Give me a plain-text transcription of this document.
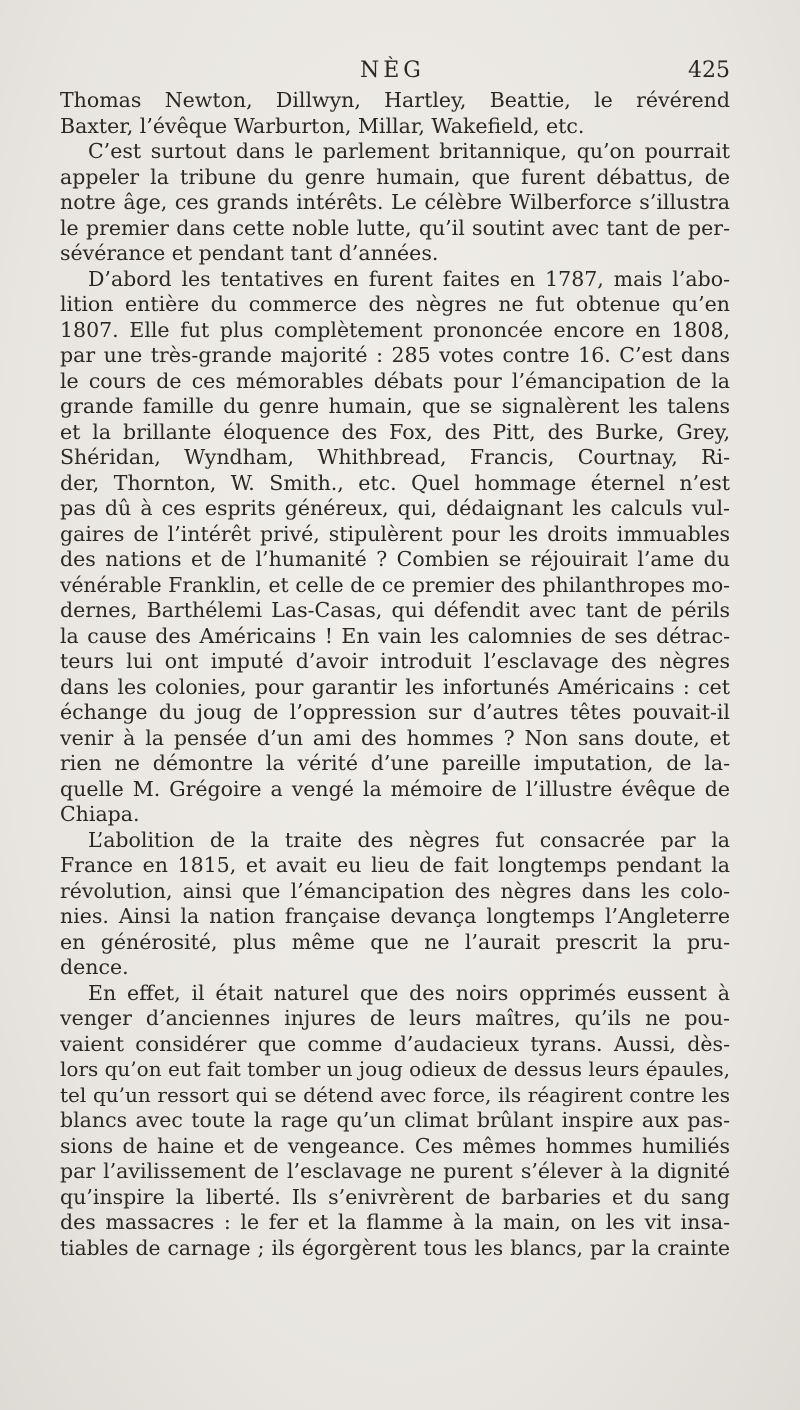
NÈG	425
Thomas Newton, Dillwyn, Hartley, Beattie, le révérend
Baxter, l’évêque Warburton, Millar, Wakefield, etc.
C’est surtout dans le parlement britannique, qu’on pourrait
appeler la tribune du genre humain, que furent débattus, de
notre âge, ces grands intérêts. Le célèbre Wilberforce s’illustra
le premier dans cette noble lutte, qu’il soutint avec tant de per-
sévérance et pendant tant d’années.
D’abord les tentatives en furent faites en 1787, mais l’abo-
lition entière du commerce des nègres ne fut obtenue qu’en
1807. Elle fut plus complètement prononcée encore en 1808,
par une très-grande majorité : 285 votes contre 16. C’est dans
le cours de ces mémorables débats pour l’émancipation de la
grande famille du genre humain, que se signalèrent les talens
et la brillante éloquence des Fox, des Pitt, des Burke, Grey,
Shéridan, Wyndham, Whithbread, Francis, Courtnay, Ri-
der, Thornton, W. Smith., etc. Quel hommage éternel n’est
pas dû à ces esprits généreux, qui, dédaignant les calculs vul-
gaires de l’intérêt privé, stipulèrent pour les droits immuables
des nations et de l’humanité ? Combien se réjouirait l’ame du
vénérable Franklin, et celle de ce premier des philanthropes mo-
dernes, Barthélemi Las-Casas, qui défendit avec tant de périls
la cause des Américains ! En vain les calomnies de ses détrac-
teurs lui ont imputé d’avoir introduit l’esclavage des nègres
dans les colonies, pour garantir les infortunés Américains : cet
échange du joug de l’oppression sur d’autres têtes pouvait-il
venir à la pensée d’un ami des hommes ? Non sans doute, et
rien ne démontre la vérité d’une pareille imputation, de la-
quelle M. Grégoire a vengé la mémoire de l’illustre évêque de
Chiapa.
L’abolition de la traite des nègres fut consacrée par la
France en 1815, et avait eu lieu de fait longtemps pendant la
révolution, ainsi que l’émancipation des nègres dans les colo-
nies. Ainsi la nation française devança longtemps l’Angleterre
en générosité, plus même que ne l’aurait prescrit la pru-
dence.
En effet, il était naturel que des noirs opprimés eussent à
venger d’anciennes injures de leurs maîtres, qu’ils ne pou-
vaient considérer que comme d’audacieux tyrans. Aussi, dès-
lors qu’on eut fait tomber un joug odieux de dessus leurs épaules,
tel qu’un ressort qui se détend avec force, ils réagirent contre les
blancs avec toute la rage qu’un climat brûlant inspire aux pas-
sions de haine et de vengeance. Ces mêmes hommes humiliés
par l’avilissement de l’esclavage ne purent s’élever à la dignité
qu’inspire la liberté. Ils s’enivrèrent de barbaries et du sang
des massacres : le fer et la flamme à la main, on les vit insa-
tiables de carnage ; ils égorgèrent tous les blancs, par la crainte
